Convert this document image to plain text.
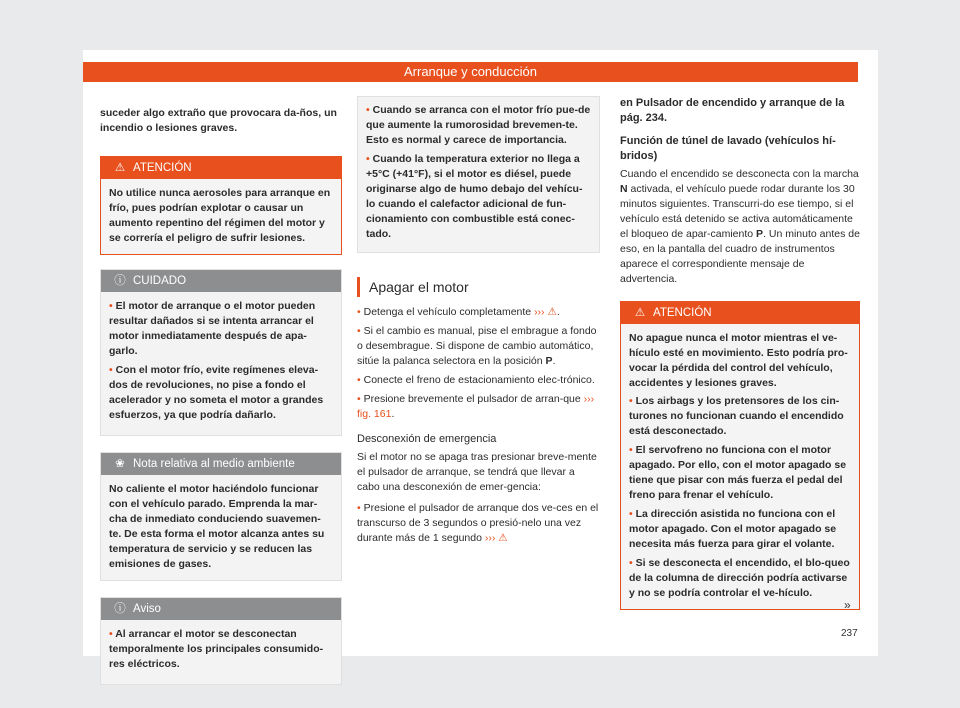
Arranque y conducción

suceder algo extraño que provocara da-ños, un incendio o lesiones graves.

⚠ ATENCIÓN

No utilice nunca aerosoles para arranque en frío, pues podrían explotar o causar un aumento repentino del régimen del motor y se correría el peligro de sufrir lesiones.

ⓘ CUIDADO

• El motor de arranque o el motor pueden resultar dañados si se intenta arrancar el motor inmediatamente después de apa-garlo.

• Con el motor frío, evite regímenes eleva-dos de revoluciones, no pise a fondo el acelerador y no someta el motor a grandes esfuerzos, ya que podría dañarlo.

❀ Nota relativa al medio ambiente

No caliente el motor haciéndolo funcionar con el vehículo parado. Emprenda la mar-cha de inmediato conduciendo suavemen-te. De esta forma el motor alcanza antes su temperatura de servicio y se reducen las emisiones de gases.

ⓘ Aviso

• Al arrancar el motor se desconectan temporalmente los principales consumido-res eléctricos.

• Cuando se arranca con el motor frío pue-de que aumente la rumorosidad brevemen-te. Esto es normal y carece de importancia.

• Cuando la temperatura exterior no llega a +5°C (+41°F), si el motor es diésel, puede originarse algo de humo debajo del vehícu-lo cuando el calefactor adicional de fun-cionamiento con combustible está conec-tado.

Apagar el motor

• Detenga el vehículo completamente ››› ⚠.

• Si el cambio es manual, pise el embrague a fondo o desembrague. Si dispone de cambio automático, sitúe la palanca selectora en la posición P.

• Conecte el freno de estacionamiento elec-trónico.

• Presione brevemente el pulsador de arran-que ››› fig. 161.

Desconexión de emergencia

Si el motor no se apaga tras presionar breve-mente el pulsador de arranque, se tendrá que llevar a cabo una desconexión de emer-gencia:

• Presione el pulsador de arranque dos ve-ces en el transcurso de 3 segundos o presió-nelo una vez durante más de 1 segundo ››› ⚠

en Pulsador de encendido y arranque de la pág. 234.

Función de túnel de lavado (vehículos hí-bridos)

Cuando el encendido se desconecta con la marcha N activada, el vehículo puede rodar durante los 30 minutos siguientes. Transcurri-do ese tiempo, si el vehículo está detenido se activa automáticamente el bloqueo de apar-camiento P. Un minuto antes de eso, en la pantalla del cuadro de instrumentos aparece el correspondiente mensaje de advertencia.

⚠ ATENCIÓN

No apague nunca el motor mientras el ve-hículo esté en movimiento. Esto podría pro-vocar la pérdida del control del vehículo, accidentes y lesiones graves.

• Los airbags y los pretensores de los cin-turones no funcionan cuando el encendido está desconectado.

• El servofreno no funciona con el motor apagado. Por ello, con el motor apagado se tiene que pisar con más fuerza el pedal del freno para frenar el vehículo.

• La dirección asistida no funciona con el motor apagado. Con el motor apagado se necesita más fuerza para girar el volante.

• Si se desconecta el encendido, el blo-queo de la columna de dirección podría activarse y no se podría controlar el ve-hículo.

»
237
